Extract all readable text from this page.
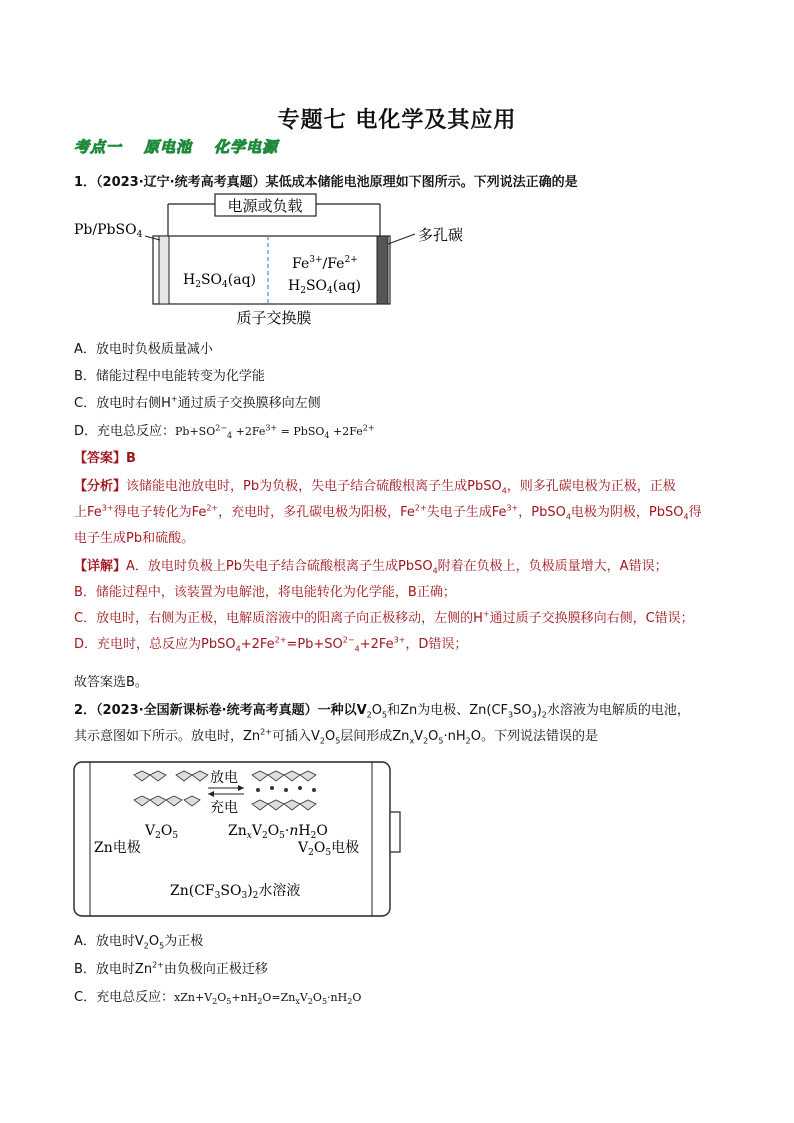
专题七 电化学及其应用
考点一 原电池 化学电源
1．（2023·辽宁·统考高考真题）某低成本储能电池原理如下图所示。下列说法正确的是
电源或负载
Pb/PbSO$_4$	多孔碳
$H_2SO_4(aq)$
$Fe^{3+}/Fe^{2+}$
$H_2SO_4(aq)$
质子交换膜
A．放电时负极质量减小
B．储能过程中电能转变为化学能
C．放电时右侧H+通过质子交换膜移向左侧
D．充电总反应：$Pb+SO^{2-}_4 +2Fe^{3+}$ = PbSO$_4$ $+2Fe^{2+}$
【答案】B
【分析】该储能电池放电时，Pb为负极，失电子结合硫酸根离子生成PbSO$_4$，则多孔碳电极为正极，正极
上$Fe^{3+}$得电子转化为$Fe^{2+}$，充电时，多孔碳电极为阳极，$Fe^{2+}$失电子生成$Fe^{3+}$，PbSO$_4$电极为阴极，PbSO$_4$得
电子生成Pb和硫酸。
【详解】A．放电时负极上Pb失电子结合硫酸根离子生成PbSO$_4$附着在负极上，负极质量增大，A错误；
B．储能过程中，该装置为电解池，将电能转化为化学能，B正确；
C．放电时，右侧为正极，电解质溶液中的阳离子向正极移动，左侧的H+通过质子交换膜移向右侧，C错误；
D．充电时，总反应为$PbSO_4+2Fe^{2+}=Pb+SO^{2-}_4+2Fe^{3+}$，D错误；
故答案选B。
2．（2023·全国新课标卷·统考高考真题）一种以$V_2O_5$和Zn为电极、$Zn(CF_3SO_3)_2$水溶液为电解质的电池，
其示意图如下所示。放电时，$Zn^{2+}$可插入$V_2O_5$层间形成$Zn_xV_2O_5\cdot nH_2O$。下列说法错误的是
放电
充电
$V_2O_5$	$Zn_xV_2O_5\cdot nH_2O$
Zn电极	$V_2O_5$电极
$Zn(CF_3SO_3)_2$水溶液
A．放电时$V_2O_5$为正极
B．放电时$Zn^{2+}$由负极向正极迁移
C．充电总反应：$xZn+V_2O_5+nH_2O=Zn_xV_2O_5\cdot nH_2O$
